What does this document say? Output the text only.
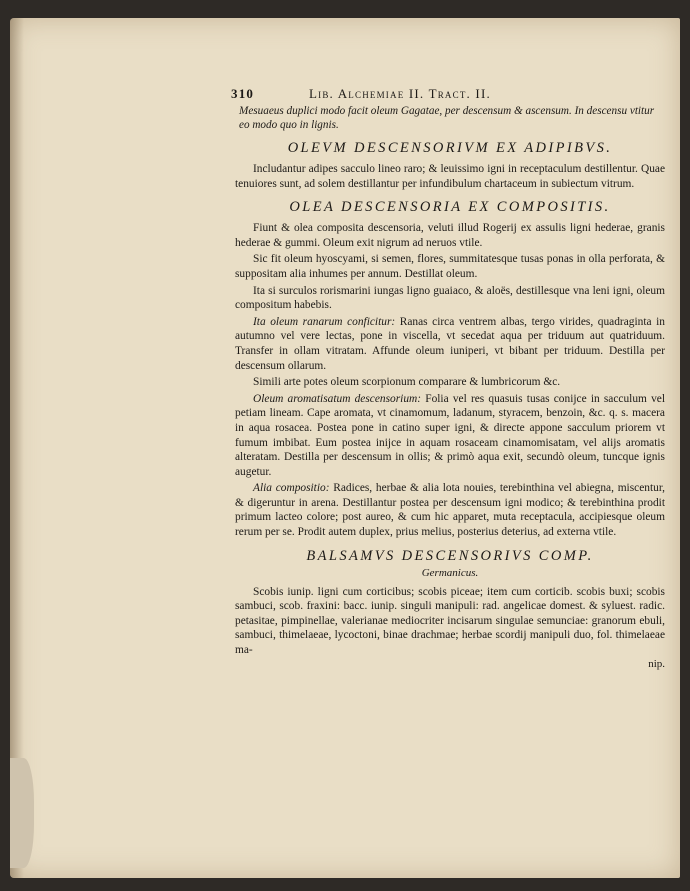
310	Lib. Alchemiae II. Tract. II.
Mesuaeus duplici modo facit oleum Gagatae, per descensum & ascensum. In descensu vtitur eo modo quo in lignis.
OLEVM DESCENSORIVM EX ADIPIBVS.

Includantur adipes sacculo lineo raro; & leuissimo igni in receptaculum destillentur. Quae tenuiores sunt, ad solem destillantur per infundibulum chartaceum in subiectum vitrum.

OLEA DESCENSORIA EX COMPOSITIS.

Fiunt & olea composita descensoria, veluti illud Rogerij ex assulis ligni hederae, granis hederae & gummi. Oleum exit nigrum ad neruos vtile.

Sic fit oleum hyoscyami, si semen, flores, summitatesque tusas ponas in olla perforata, & suppositam alia inhumes per annum. Destillat oleum.

Ita si surculos rorismarini iungas ligno guaiaco, & aloës, destillesque vna leni igni, oleum compositum habebis.

Ita oleum ranarum conficitur: Ranas circa ventrem albas, tergo virides, quadraginta in autumno vel vere lectas, pone in viscella, vt secedat aqua per triduum aut quatriduum. Transfer in ollam vitratam. Affunde oleum iuniperi, vt bibant per triduum. Destilla per descensum ollarum.

Simili arte potes oleum scorpionum comparare & lumbricorum &c.

Oleum aromatisatum descensorium: Folia vel res quasuis tusas conijce in sacculum vel petiam lineam. Cape aromata, vt cinamomum, ladanum, styracem, benzoin, &c. q. s. macera in aqua rosacea. Postea pone in catino super igni, & directe appone sacculum priorem vt fumum imbibat. Eum postea inijce in aquam rosaceam cinamomisatam, vel alijs aromatis alteratam. Destilla per descensum in ollis; & primò aqua exit, secundò oleum, tuncque ignis augetur.

Alia compositio: Radices, herbae & alia lota nouies, terebinthina vel abiegna, miscentur, & digeruntur in arena. Destillantur postea per descensum igni modico; & terebinthina prodit primum lacteo colore; post aureo, & cum hic apparet, muta receptacula, accipiesque oleum rerum per se. Prodit autem duplex, prius melius, posterius deterius, ad externa vtile.

BALSAMVS DESCENSORIVS COMP.
Germanicus.

Scobis iunip. ligni cum corticibus; scobis piceae; item cum corticib. scobis buxi; scobis sambuci, scob. fraxini: bacc. iunip. singuli manipuli: rad. angelicae domest. & syluest. radic. petasitae, pimpinellae, valerianae mediocriter incisarum singulae semunciae: granorum ebuli, sambuci, thimelaeae, lycoctoni, binae drachmae; herbae scordij manipuli duo, fol. thimelaeae ma-

nip.
